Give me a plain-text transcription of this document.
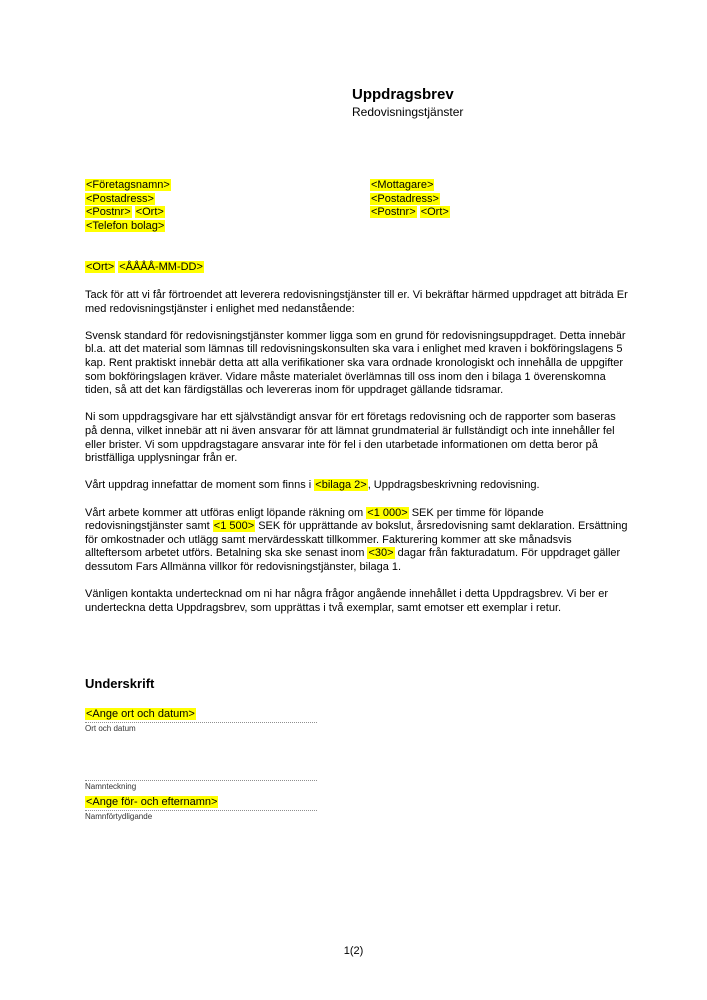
Uppdragsbrev
Redovisningstjänster
<Företagsnamn>
<Postadress>
<Postnr> <Ort>
<Telefon bolag>
<Mottagare>
<Postadress>
<Postnr> <Ort>
<Ort> <ÅÅÅÅ-MM-DD>

Tack för att vi får förtroendet att leverera redovisningstjänster till er. Vi bekräftar härmed uppdraget att biträda Er med redovisningstjänster i enlighet med nedanstående:

Svensk standard för redovisningstjänster kommer ligga som en grund för redovisningsuppdraget. Detta innebär bl.a. att det material som lämnas till redovisningskonsulten ska vara i enlighet med kraven i bokföringslagens 5 kap. Rent praktiskt innebär detta att alla verifikationer ska vara ordnade kronologiskt och innehålla de uppgifter som bokföringslagen kräver. Vidare måste materialet överlämnas till oss inom den i bilaga 1 överenskomna tiden, så att det kan färdigställas och levereras inom för uppdraget gällande tidsramar.

Ni som uppdragsgivare har ett självständigt ansvar för ert företags redovisning och de rapporter som baseras på denna, vilket innebär att ni även ansvarar för att lämnat grundmaterial är fullständigt och inte innehåller fel eller brister. Vi som uppdragstagare ansvarar inte för fel i den utarbetade informationen om detta beror på bristfälliga upplysningar från er.

Vårt uppdrag innefattar de moment som finns i <bilaga 2>, Uppdragsbeskrivning redovisning.

Vårt arbete kommer att utföras enligt löpande räkning om <1 000> SEK per timme för löpande redovisningstjänster samt <1 500> SEK för upprättande av bokslut, årsredovisning samt deklaration. Ersättning för omkostnader och utlägg samt mervärdesskatt tillkommer. Fakturering kommer att ske månadsvis allteftersom arbetet utförs. Betalning ska ske senast inom <30> dagar från fakturadatum. För uppdraget gäller dessutom Fars Allmänna villkor för redovisningstjänster, bilaga 1.

Vänligen kontakta undertecknad om ni har några frågor angående innehållet i detta Uppdragsbrev. Vi ber er underteckna detta Uppdragsbrev, som upprättas i två exemplar, samt emotser ett exemplar i retur.

Underskrift
<Ange ort och datum>
Ort och datum
Namnteckning
<Ange för- och efternamn>
Namnförtydligande
1(2)
